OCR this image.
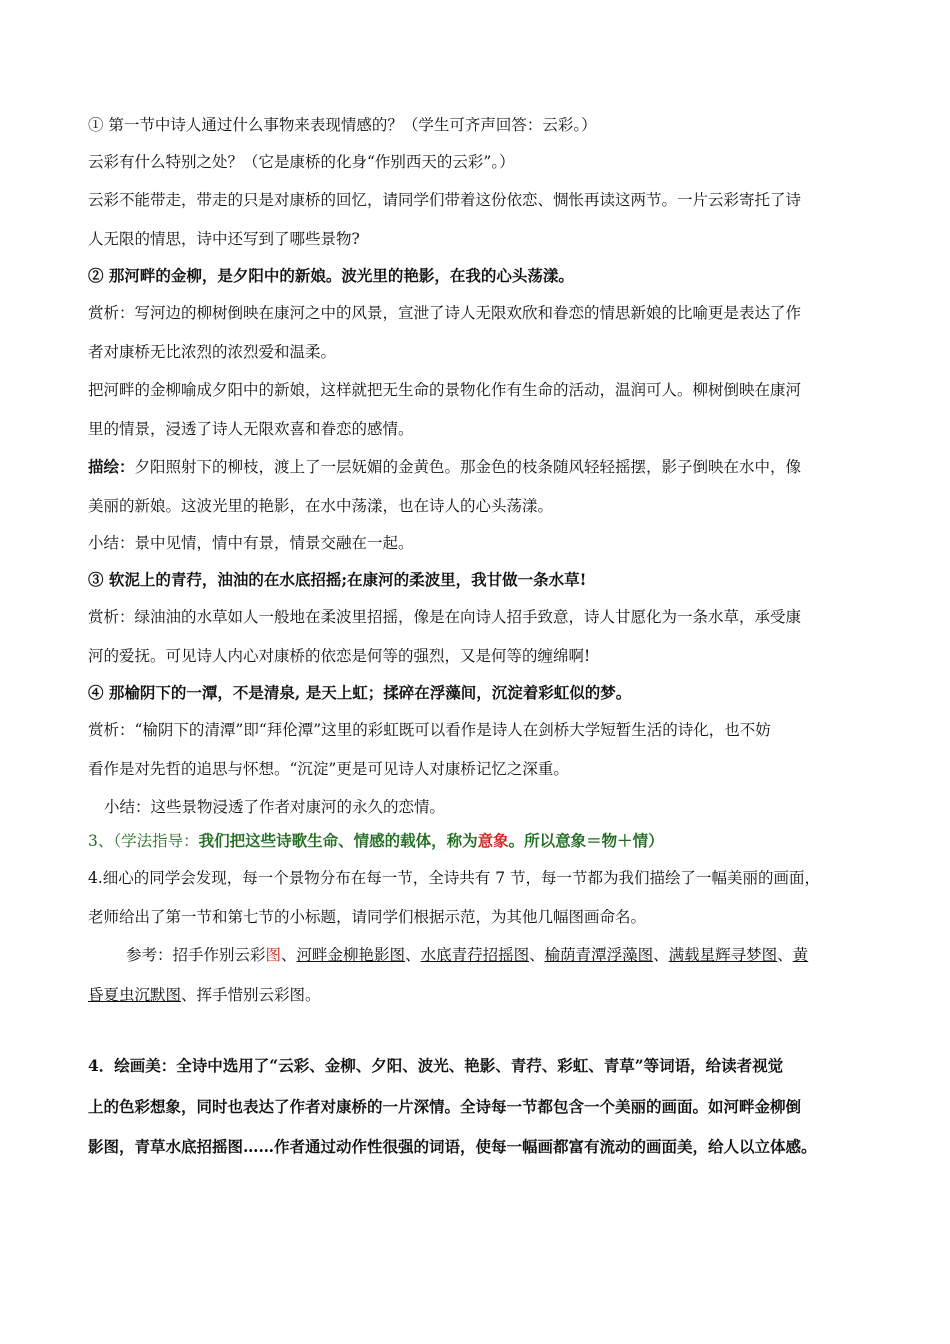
① 第一节中诗人通过什么事物来表现情感的？（学生可齐声回答：云彩。）
云彩有什么特别之处？（它是康桥的化身“作别西天的云彩”。）
云彩不能带走，带走的只是对康桥的回忆，请同学们带着这份依恋、惆怅再读这两节。一片云彩寄托了诗
人无限的情思，诗中还写到了哪些景物?
② 那河畔的金柳，是夕阳中的新娘。波光里的艳影，在我的心头荡漾。
赏析：写河边的柳树倒映在康河之中的风景，宣泄了诗人无限欢欣和眷恋的情思新娘的比喻更是表达了作
者对康桥无比浓烈的浓烈爱和温柔。
把河畔的金柳喻成夕阳中的新娘，这样就把无生命的景物化作有生命的活动，温润可人。柳树倒映在康河
里的情景，浸透了诗人无限欢喜和眷恋的感情。
描绘：夕阳照射下的柳枝，渡上了一层妩媚的金黄色。那金色的枝条随风轻轻摇摆，影子倒映在水中，像
美丽的新娘。这波光里的艳影，在水中荡漾，也在诗人的心头荡漾。
小结：景中见情，情中有景，情景交融在一起。
③ 软泥上的青荇，油油的在水底招摇;在康河的柔波里，我甘做一条水草!
赏析：绿油油的水草如人一般地在柔波里招摇，像是在向诗人招手致意，诗人甘愿化为一条水草，承受康
河的爱抚。可见诗人内心对康桥的依恋是何等的强烈，又是何等的缠绵啊!
④ 那榆阴下的一潭，不是清泉, 是天上虹；揉碎在浮藻间，沉淀着彩虹似的梦。
赏析：“榆阴下的清潭”即“拜伦潭”这里的彩虹既可以看作是诗人在剑桥大学短暂生活的诗化，也不妨
看作是对先哲的追思与怀想。“沉淀”更是可见诗人对康桥记忆之深重。
小结：这些景物浸透了作者对康河的永久的恋情。
3、（学法指导：我们把这些诗歌生命、情感的载体，称为意象。所以意象＝物＋情）
4.细心的同学会发现，每一个景物分布在每一节，全诗共有 7 节，每一节都为我们描绘了一幅美丽的画面，
老师给出了第一节和第七节的小标题，请同学们根据示范，为其他几幅图画命名。
参考：招手作别云彩图、河畔金柳艳影图、水底青荇招摇图、榆荫青潭浮藻图、满载星辉寻梦图、黄
昏夏虫沉默图、挥手惜别云彩图。
4．绘画美：全诗中选用了“云彩、金柳、夕阳、波光、艳影、青荇、彩虹、青草”等词语，给读者视觉
上的色彩想象，同时也表达了作者对康桥的一片深情。全诗每一节都包含一个美丽的画面。如河畔金柳倒
影图，青草水底招摇图……作者通过动作性很强的词语，使每一幅画都富有流动的画面美，给人以立体感。
